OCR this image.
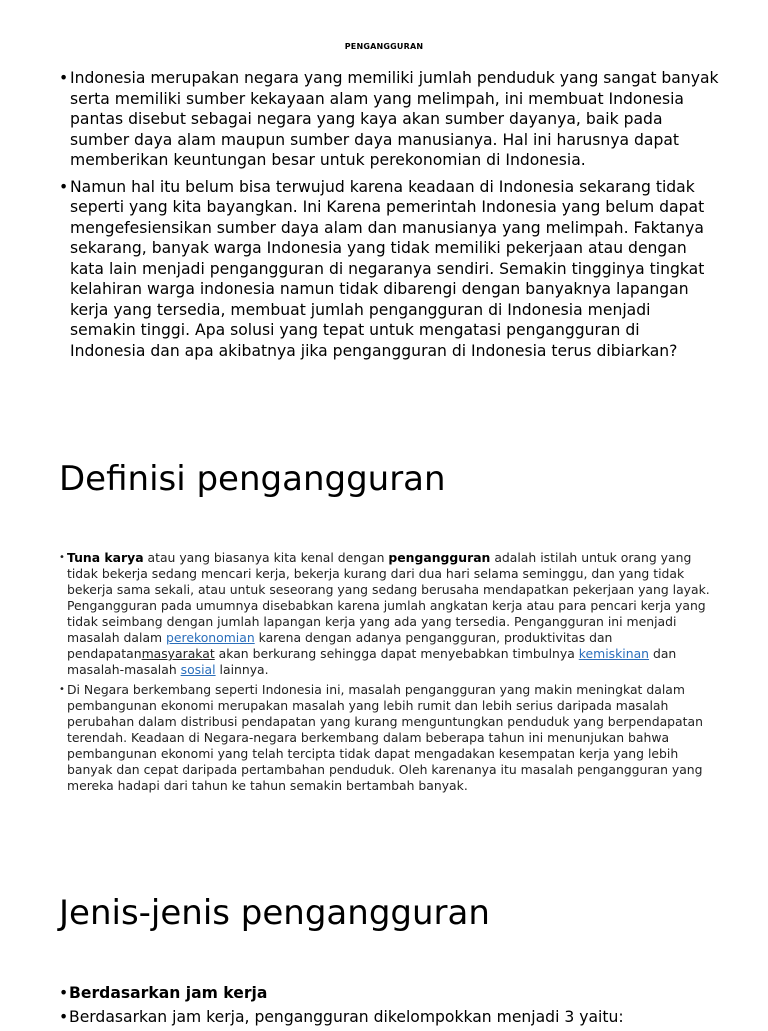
PENGANGGURAN
• Indonesia merupakan negara yang memiliki jumlah penduduk yang sangat banyak serta memiliki sumber kekayaan alam yang melimpah, ini membuat Indonesia pantas disebut sebagai negara yang kaya akan sumber dayanya, baik pada sumber daya alam maupun sumber daya manusianya. Hal ini harusnya dapat memberikan keuntungan besar untuk perekonomian di Indonesia.
• Namun hal itu belum bisa terwujud karena keadaan di Indonesia sekarang tidak seperti yang kita bayangkan. Ini Karena pemerintah Indonesia yang belum dapat mengefesiensikan sumber daya alam dan manusianya yang melimpah. Faktanya sekarang, banyak warga Indonesia yang tidak memiliki pekerjaan atau dengan kata lain menjadi pengangguran di negaranya sendiri. Semakin tingginya tingkat kelahiran warga indonesia namun tidak dibarengi dengan banyaknya lapangan kerja yang tersedia, membuat jumlah pengangguran di Indonesia menjadi semakin tinggi. Apa solusi yang tepat untuk mengatasi pengangguran di Indonesia dan apa akibatnya jika pengangguran di Indonesia terus dibiarkan?
Definisi pengangguran
• Tuna karya atau yang biasanya kita kenal dengan pengangguran adalah istilah untuk orang yang tidak bekerja sedang mencari kerja, bekerja kurang dari dua hari selama seminggu, dan yang tidak bekerja sama sekali, atau untuk seseorang yang sedang berusaha mendapatkan pekerjaan yang layak. Pengangguran pada umumnya disebabkan karena jumlah angkatan kerja atau para pencari kerja yang tidak seimbang dengan jumlah lapangan kerja yang ada yang tersedia. Pengangguran ini menjadi masalah dalam perekonomian karena dengan adanya pengangguran, produktivitas dan pendapatanmasyarakat akan berkurang sehingga dapat menyebabkan timbulnya kemiskinan dan masalah-masalah sosial lainnya.
• Di Negara berkembang seperti Indonesia ini, masalah pengangguran yang makin meningkat dalam pembangunan ekonomi merupakan masalah yang lebih rumit dan lebih serius daripada masalah perubahan dalam distribusi pendapatan yang kurang menguntungkan penduduk yang berpendapatan terendah. Keadaan di Negara-negara berkembang dalam beberapa tahun ini menunjukan bahwa pembangunan ekonomi yang telah tercipta tidak dapat mengadakan kesempatan kerja yang lebih banyak dan cepat daripada pertambahan penduduk. Oleh karenanya itu masalah pengangguran yang mereka hadapi dari tahun ke tahun semakin bertambah banyak.
Jenis-jenis pengangguran
• Berdasarkan jam kerja
• Berdasarkan jam kerja, pengangguran dikelompokkan menjadi 3 yaitu:
